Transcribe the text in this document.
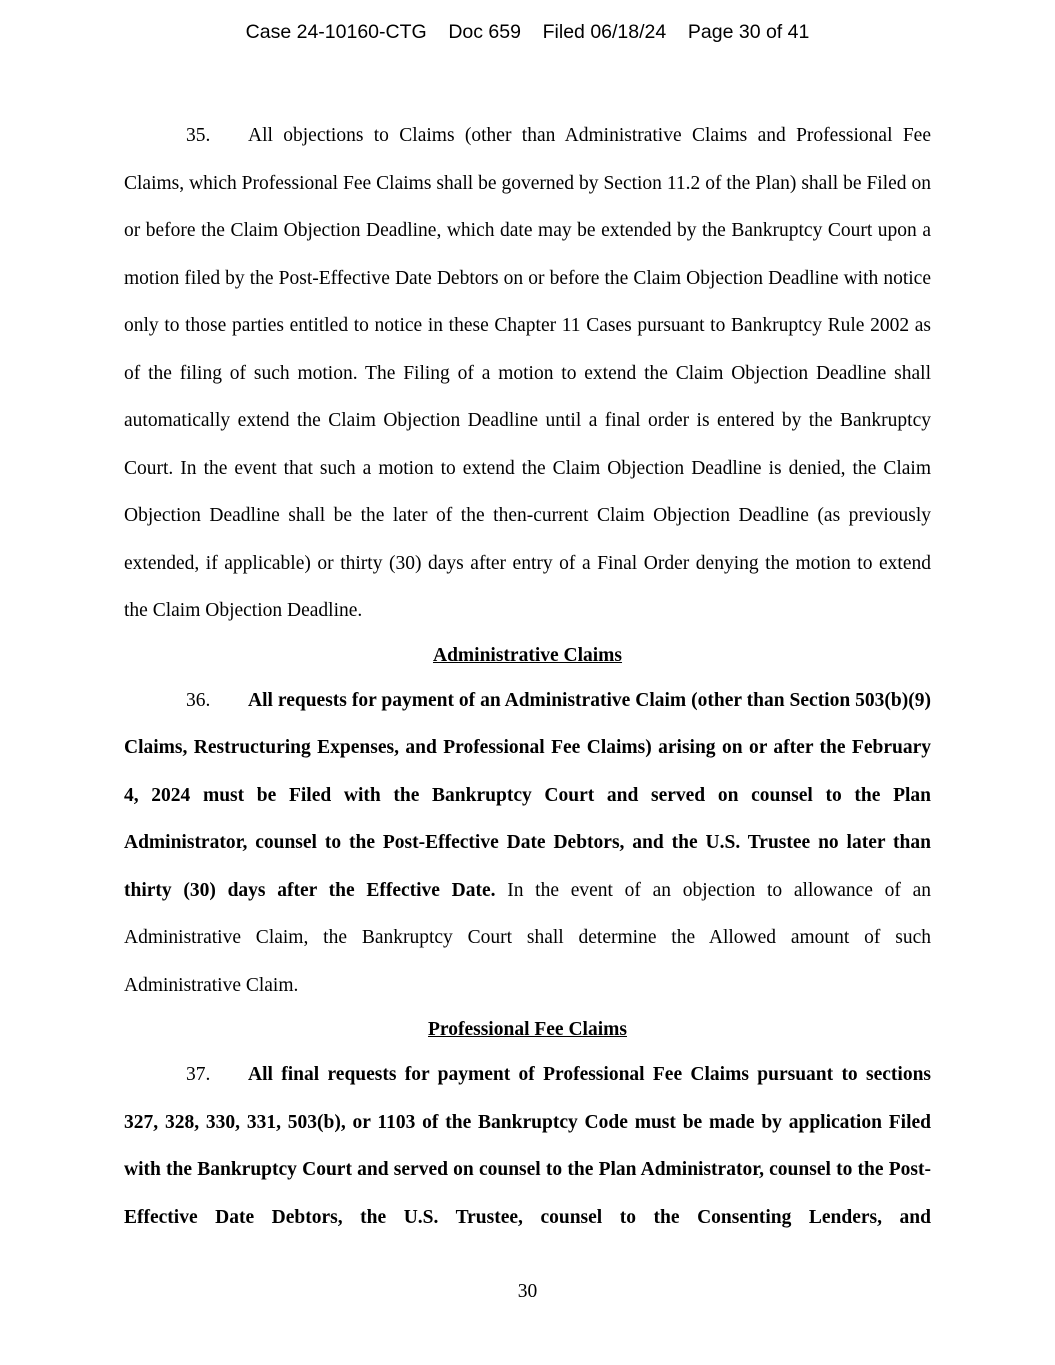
Case 24-10160-CTG    Doc 659    Filed 06/18/24    Page 30 of 41

35. All objections to Claims (other than Administrative Claims and Professional Fee Claims, which Professional Fee Claims shall be governed by Section 11.2 of the Plan) shall be Filed on or before the Claim Objection Deadline, which date may be extended by the Bankruptcy Court upon a motion filed by the Post-Effective Date Debtors on or before the Claim Objection Deadline with notice only to those parties entitled to notice in these Chapter 11 Cases pursuant to Bankruptcy Rule 2002 as of the filing of such motion. The Filing of a motion to extend the Claim Objection Deadline shall automatically extend the Claim Objection Deadline until a final order is entered by the Bankruptcy Court. In the event that such a motion to extend the Claim Objection Deadline is denied, the Claim Objection Deadline shall be the later of the then-current Claim Objection Deadline (as previously extended, if applicable) or thirty (30) days after entry of a Final Order denying the motion to extend the Claim Objection Deadline.

Administrative Claims

36. All requests for payment of an Administrative Claim (other than Section 503(b)(9) Claims, Restructuring Expenses, and Professional Fee Claims) arising on or after the February 4, 2024 must be Filed with the Bankruptcy Court and served on counsel to the Plan Administrator, counsel to the Post-Effective Date Debtors, and the U.S. Trustee no later than thirty (30) days after the Effective Date. In the event of an objection to allowance of an Administrative Claim, the Bankruptcy Court shall determine the Allowed amount of such Administrative Claim.

Professional Fee Claims

37. All final requests for payment of Professional Fee Claims pursuant to sections 327, 328, 330, 331, 503(b), or 1103 of the Bankruptcy Code must be made by application Filed with the Bankruptcy Court and served on counsel to the Plan Administrator, counsel to the Post-Effective Date Debtors, the U.S. Trustee, counsel to the Consenting Lenders, and

30
